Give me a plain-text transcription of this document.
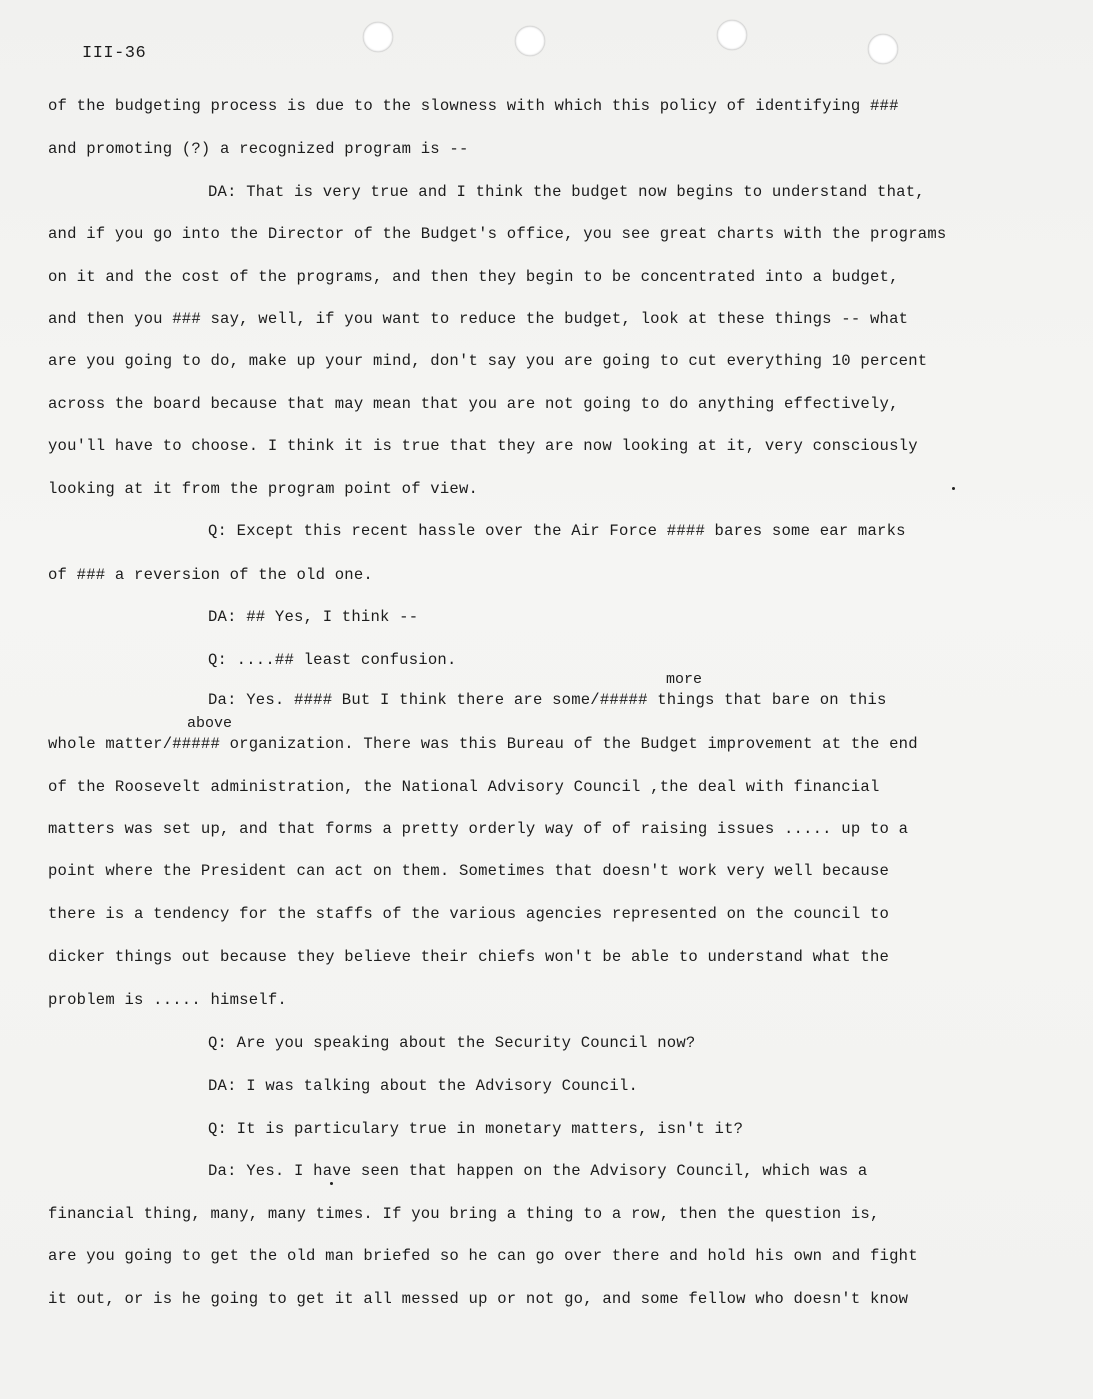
III-36
more
above
of the budgeting process is due to the slowness with which this policy of identifying ###
and promoting (?) a recognized program is --
DA: That is very true and I think the budget now begins to understand that,
and if you go into the Director of the Budget's office, you see great charts with the programs
on it and the cost of the programs, and then they begin to be concentrated into a budget,
and then you ### say, well, if you want to reduce the budget, look at these things -- what
are you going to do, make up your mind, don't say you are going to cut everything 10 percent
across the board because that may mean that you are not going to do anything effectively,
you'll have to choose. I think it is true that they are now looking at it, very consciously
looking at it from the program point of view.
Q: Except this recent hassle over the Air Force #### bares some ear marks
of ### a reversion of the old one.
DA: ## Yes, I think --
Q: ....## least confusion.
Da: Yes. #### But I think there are some/##### things that bare on this
whole matter/##### organization. There was this Bureau of the Budget improvement at the end
of the Roosevelt administration, the National Advisory Council ,the deal with financial
matters was set up, and that forms a pretty orderly way of of raising issues ..... up to a
point where the President can act on them. Sometimes that doesn't work very well because
there is a tendency for the staffs of the various agencies represented on the council to
dicker things out because they believe their chiefs won't be able to understand what the
problem is ..... himself.
Q: Are you speaking about the Security Council now?
DA: I was talking about the Advisory Council.
Q: It is particulary true in monetary matters, isn't it?
Da: Yes. I have seen that happen on the Advisory Council, which was a
financial thing, many, many times. If you bring a thing to a row, then the question is,
are you going to get the old man briefed so he can go over there and hold his own and fight
it out, or is he going to get it all messed up or not go, and some fellow who doesn't know
